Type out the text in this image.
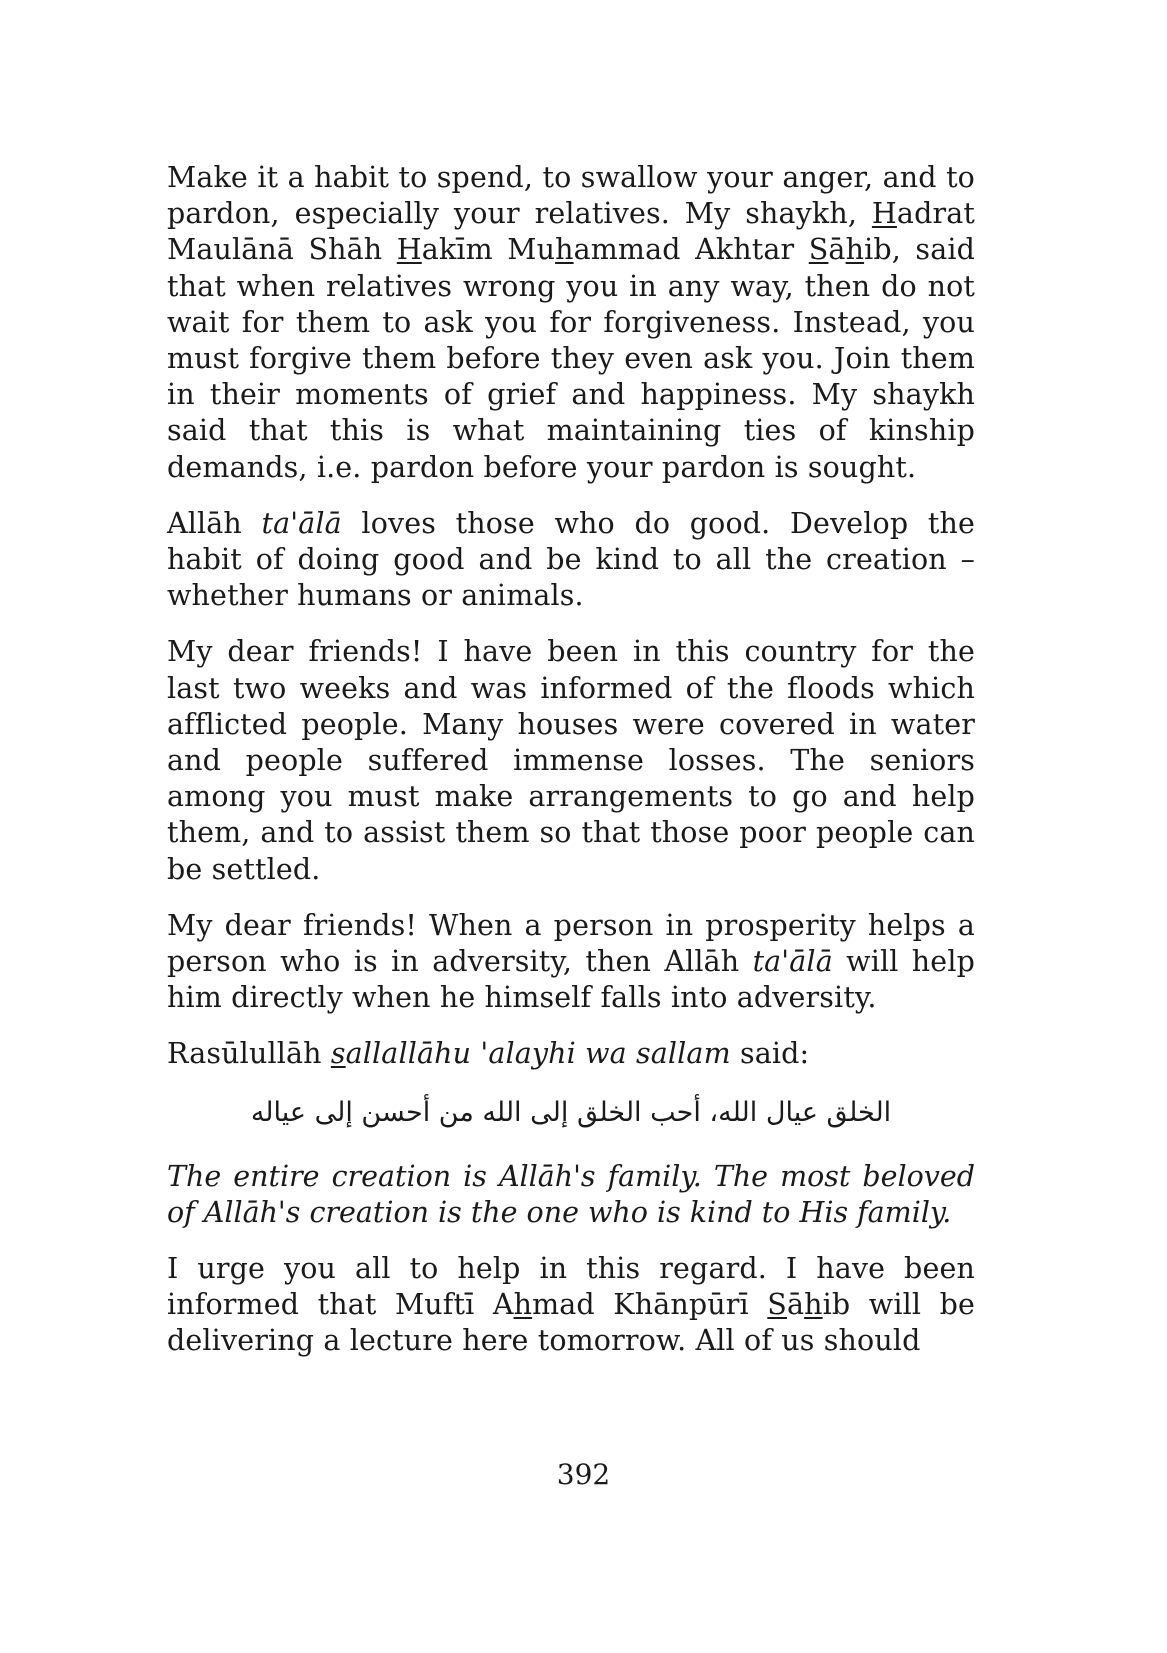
Make it a habit to spend, to swallow your anger, and to pardon, especially your relatives. My shaykh, Hadrat Maulānā Shāh Hakīm Muhammad Akhtar Sāhib, said that when relatives wrong you in any way, then do not wait for them to ask you for forgiveness. Instead, you must forgive them before they even ask you. Join them in their moments of grief and happiness. My shaykh said that this is what maintaining ties of kinship demands, i.e. pardon before your pardon is sought.

Allāh ta'ālā loves those who do good. Develop the habit of doing good and be kind to all the creation – whether humans or animals.

My dear friends! I have been in this country for the last two weeks and was informed of the floods which afflicted people. Many houses were covered in water and people suffered immense losses. The seniors among you must make arrangements to go and help them, and to assist them so that those poor people can be settled.

My dear friends! When a person in prosperity helps a person who is in adversity, then Allāh ta'ālā will help him directly when he himself falls into adversity.

Rasūlullāh sallallāhu 'alayhi wa sallam said:

الخلق عيال الله، أحب الخلق إلى الله من أحسن إلى عياله

The entire creation is Allāh's family. The most beloved of Allāh's creation is the one who is kind to His family.

I urge you all to help in this regard. I have been informed that Muftī Ahmad Khānpūrī Sāhib will be delivering a lecture here tomorrow. All of us should

392
